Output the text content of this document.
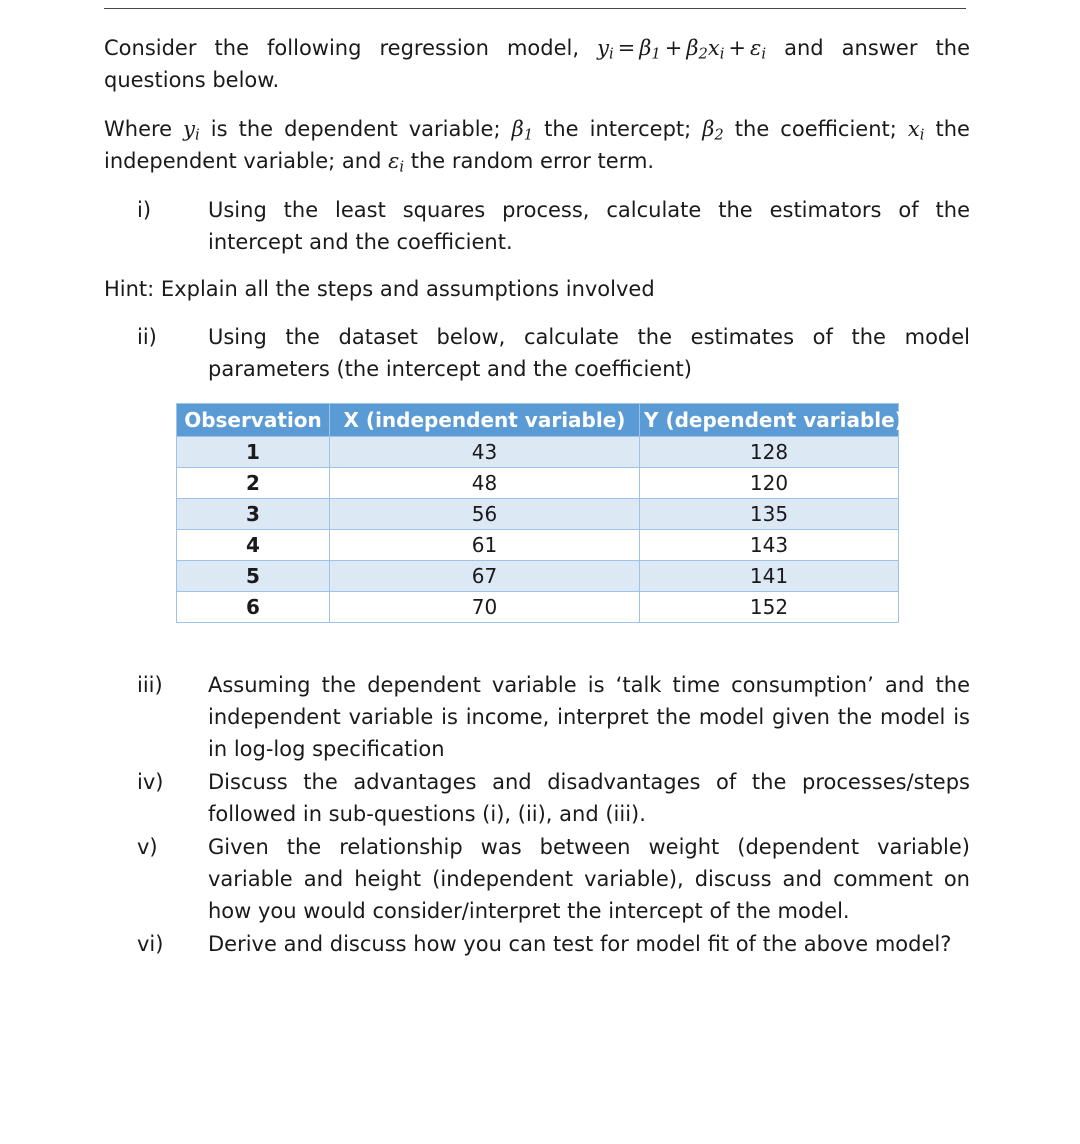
Consider the following regression model, $y_i = \beta_1 + \beta_2x_i + \varepsilon_i$ and answer the questions below.
Where $y_i$ is the dependent variable; $\beta_1$ the intercept; $\beta_2$ the coefficient; $x_i$ the independent variable; and $\varepsilon_i$ the random error term.
i)	Using the least squares process, calculate the estimators of the intercept and the coefficient.
Hint: Explain all the steps and assumptions involved
ii)	Using the dataset below, calculate the estimates of the model parameters (the intercept and the coefficient)
Observation	X (independent variable)	Y (dependent variable)
1	43	128
2	48	120
3	56	135
4	61	143
5	67	141
6	70	152
iii)	Assuming the dependent variable is ‘talk time consumption’ and the independent variable is income, interpret the model given the model is in log-log specification
iv)	Discuss the advantages and disadvantages of the processes/steps followed in sub-questions (i), (ii), and (iii).
v)	Given the relationship was between weight (dependent variable) variable and height (independent variable), discuss and comment on how you would consider/interpret the intercept of the model.
vi)	Derive and discuss how you can test for model fit of the above model?
